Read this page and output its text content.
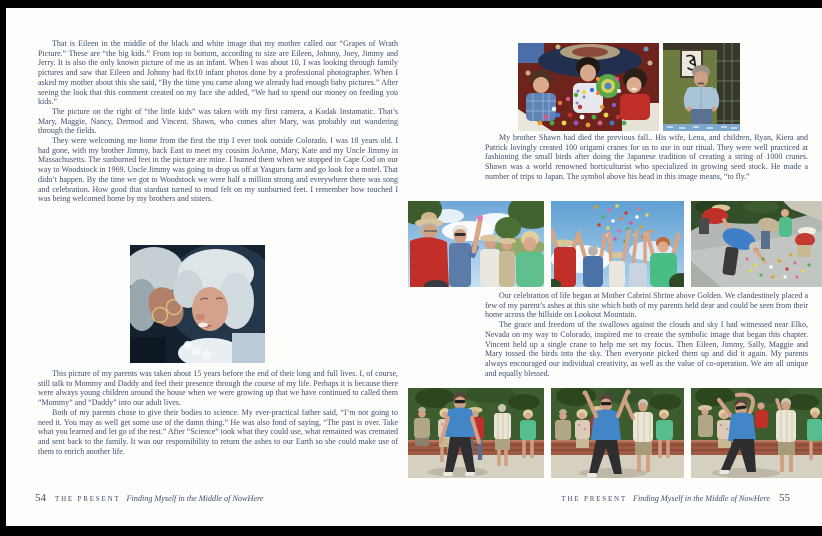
That is Eileen in the middle of the black and white image that my mother called our “Grapes of Wrath Picture.” These are “the big kids.” From top to bottom, according to size are Eileen, Johnny, Joey, Jimmy and Jerry. It is also the only known picture of me as an infant. When I was about 10, I was looking through family pictures and saw that Eileen and Johnny had 8x10 infant photos done by a professional photographer. When I asked my mother about this she said, “By the time you came along we already had enough baby pictures.” After seeing the look that this comment created on my face she added, “We had to spend our money on feeding you kids.”

The picture on the right of “the little kids” was taken with my first camera, a Kodak Instamatic. That’s Mary, Maggie, Nancy, Dermod and Vincent. Shawn, who comes after Mary, was probably out wandering through the fields.

They were welcoming me home from the first the trip I ever took outside Colorado. I was 18 years old. I had gone, with my brother Jimmy, back East to meet my cousins JoAnne, Mary, Kate and my Uncle Jimmy in Massachusetts. The sunburned feet in the picture are mine. I burned them when we stopped in Cape Cod on our way to Woodstock in 1969. Uncle Jimmy was going to drop us off at Yasgurs farm and go look for a motel. That didn’t happen. By the time we got to Woodstock we were half a million strong and everywhere there was song and celebration. How good that stardust turned to mud felt on my sunburned feet. I remember how touched I was being welcomed home by my brothers and sisters.

This picture of my parents was taken about 15 years before the end of their long and full lives. I, of course, still talk to Mommy and Daddy and feel their presence through the course of my life. Perhaps it is because there were always young children around the house when we were growing up that we have continued to called them “Mommy” and “Daddy” into our adult lives.

Both of my parents chose to give their bodies to science. My ever-practical father said, “I’m not going to need it. You may as well get some use of the damn thing.” He was also fond of saying, “The past is over. Take what you learned and let go of the rest.” After “Science” took what they could use, what remained was cremated and sent back to the family. It was our responsibility to return the ashes to our Earth so she could make use of them to enrich another life.

54 THE PRESENT Finding Myself in the Middle of NowHere

My brother Shawn had died the previous fall.. His wife, Lena, and children, Ryan, Kiera and Patrick lovingly created 100 origami cranes for us to use in our ritual. They were well practiced at fashioning the small birds after doing the Japanese tradition of creating a string of 1000 cranes. Shawn was a world renowned horticulturist who specialized in growing seed stock. He made a number of trips to Japan. The symbol above his head in this image means, “to fly.”

Our celebration of life began at Mother Cabrini Shrine above Golden. We clandestinely placed a few of my parent’s ashes at this site which both of my parents held dear and could be seen from their home across the hillside on Lookout Mountain.

The grace and freedom of the swallows against the clouds and sky I had witnessed near Elko, Nevada on my way to Colorado, inspired me to create the symbolic image that began this chapter. Vincent held up a single crane to help me set my focus. Then Eileen, Jimmy, Sally, Maggie and Mary tossed the birds into the sky. Then everyone picked them up and did it again. My parents always encouraged our individual creativity, as well as the value of co-operation. We are all unique and equally blessed.

THE PRESENT Finding Myself in the Middle of NowHere 55
